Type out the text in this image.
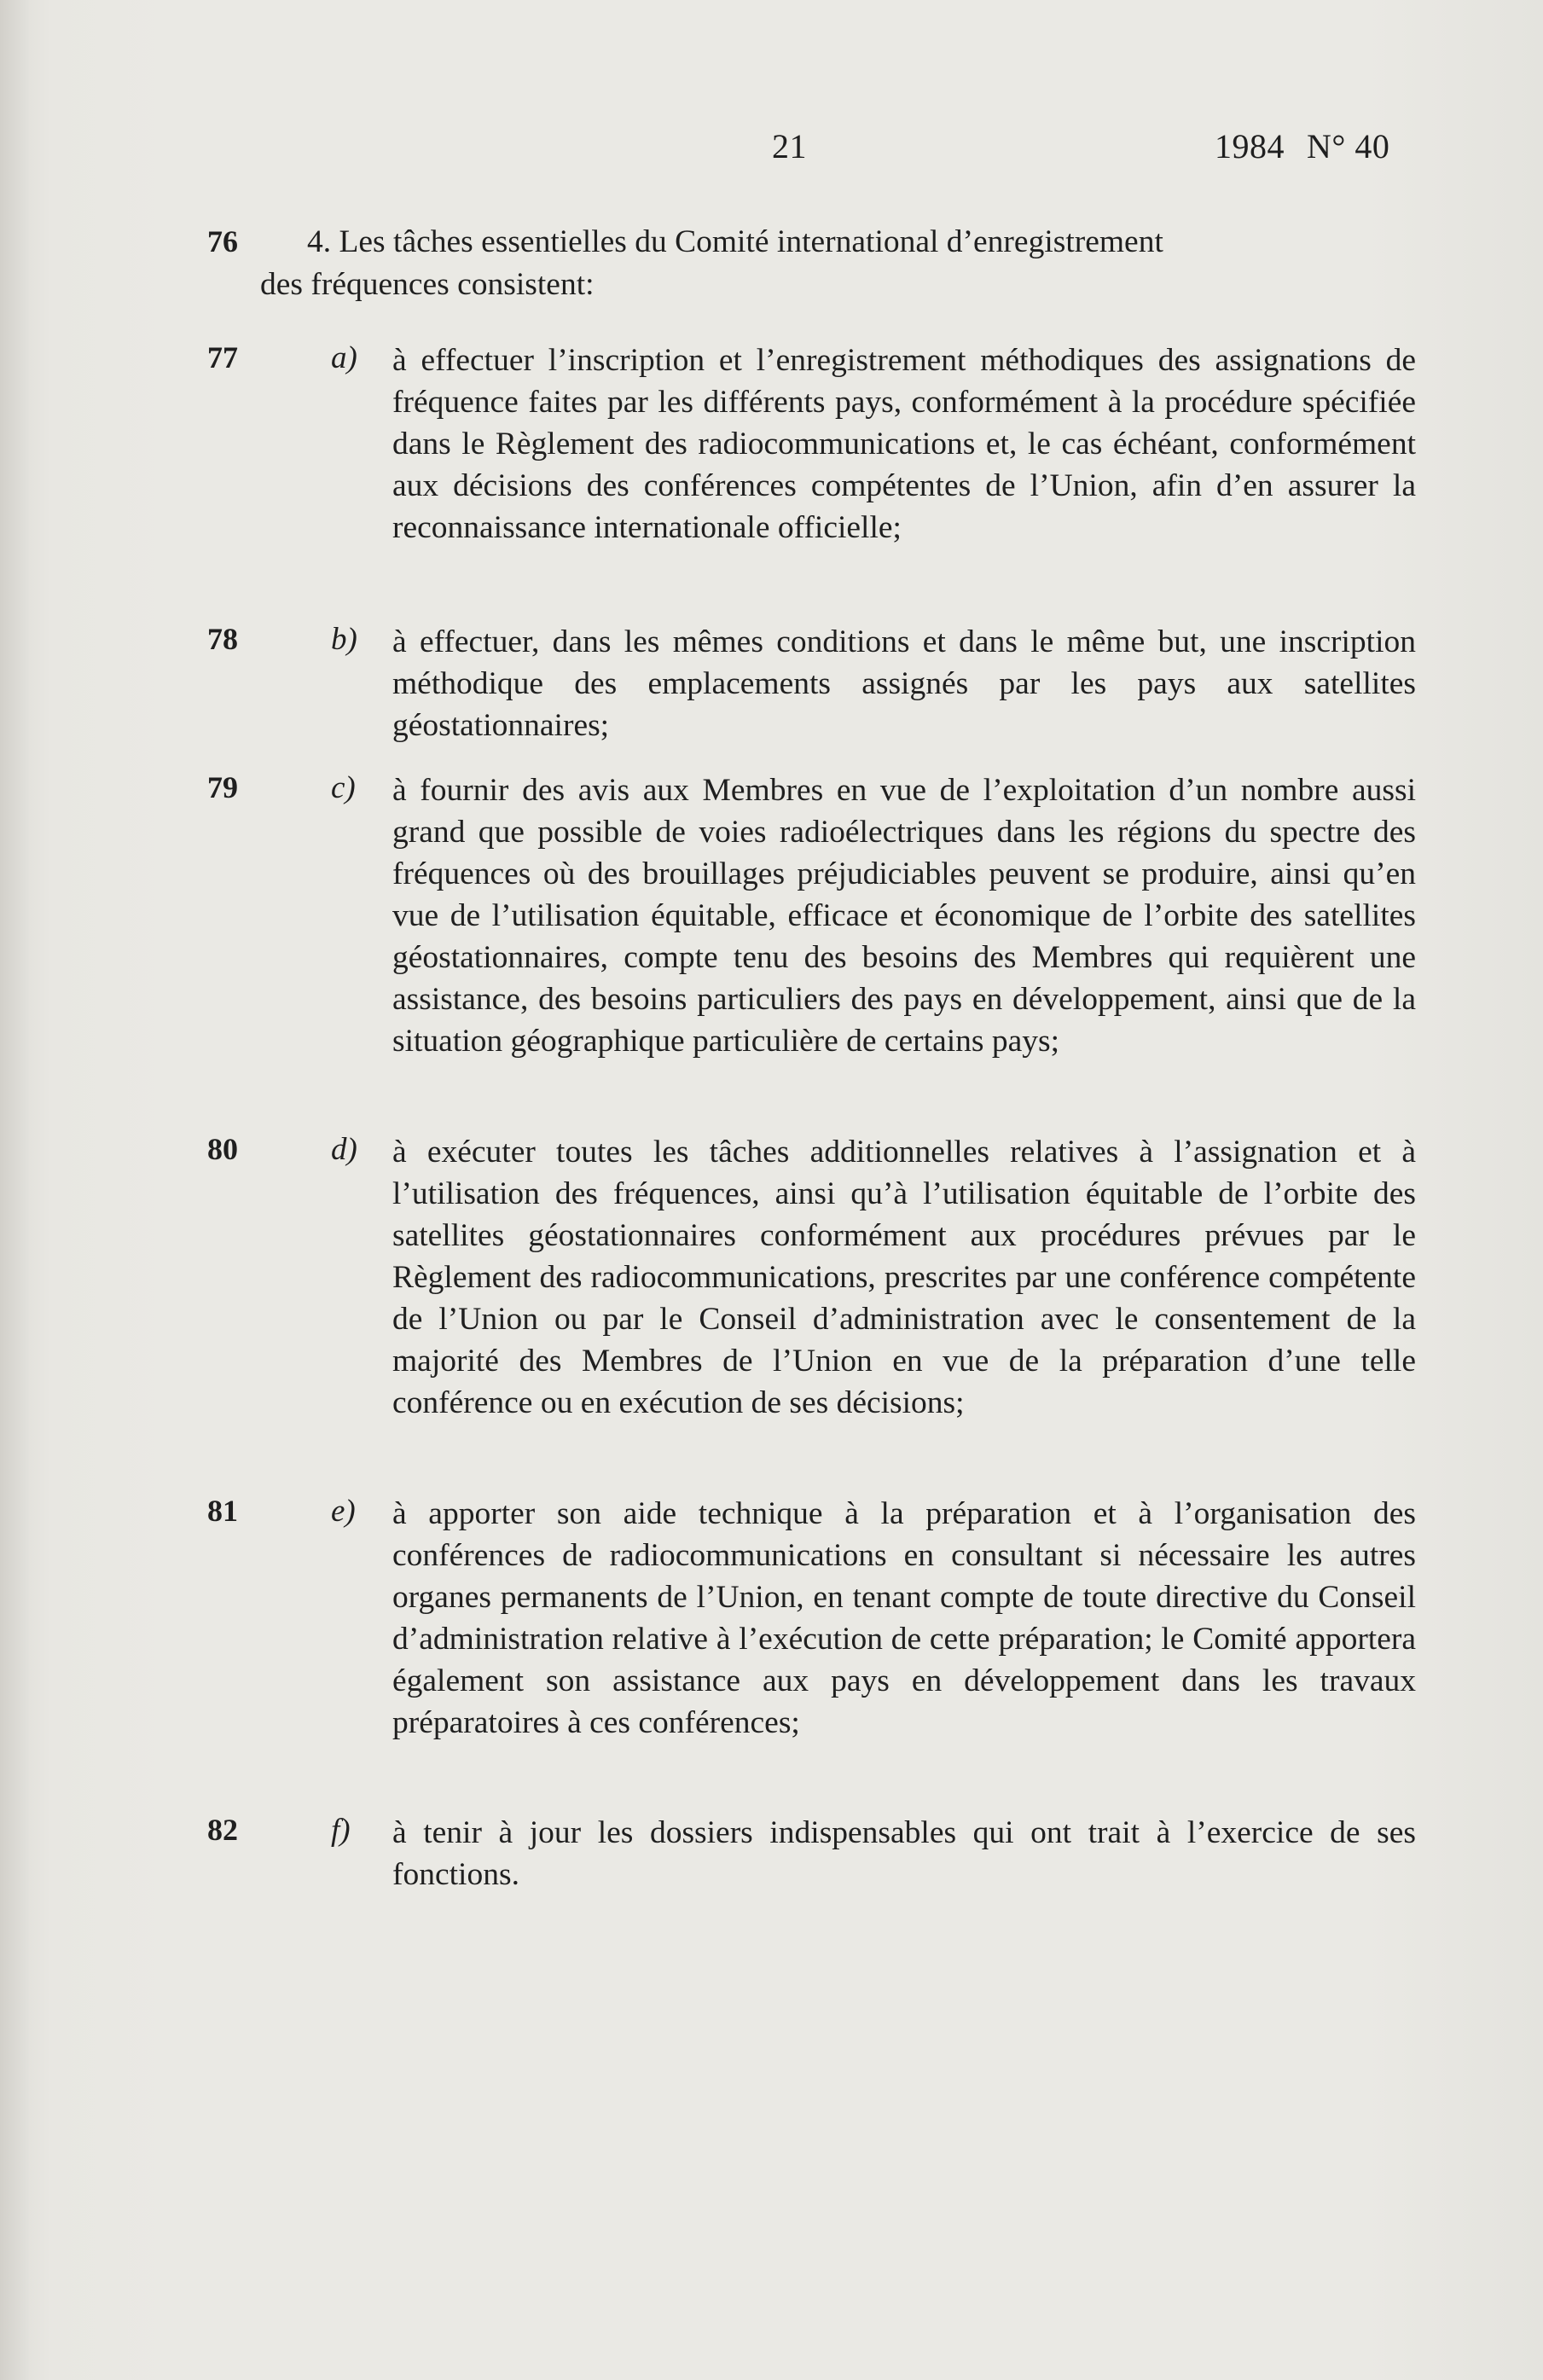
21	1984 N° 40
76 4. Les tâches essentielles du Comité international d’enregistrement
des fréquences consistent:
77	a) à effectuer l’inscription et l’enregistrement méthodiques des assignations de fréquence faites par les différents pays, conformément à la procédure spécifiée dans le Règlement des radiocommunications et, le cas échéant, conformément aux décisions des conférences compétentes de l’Union, afin d’en assurer la reconnaissance internationale officielle;
78	b) à effectuer, dans les mêmes conditions et dans le même but, une inscription méthodique des emplacements assignés par les pays aux satellites géostationnaires;
79	c) à fournir des avis aux Membres en vue de l’exploitation d’un nombre aussi grand que possible de voies radioélectriques dans les régions du spectre des fréquences où des brouillages préjudiciables peuvent se produire, ainsi qu’en vue de l’utilisation équitable, efficace et économique de l’orbite des satellites géostationnaires, compte tenu des besoins des Membres qui requièrent une assistance, des besoins particuliers des pays en développement, ainsi que de la situation géographique particulière de certains pays;
80	d) à exécuter toutes les tâches additionnelles relatives à l’assignation et à l’utilisation des fréquences, ainsi qu’à l’utilisation équitable de l’orbite des satellites géostationnaires conformément aux procédures prévues par le Règlement des radiocommunications, prescrites par une conférence compétente de l’Union ou par le Conseil d’administration avec le consentement de la majorité des Membres de l’Union en vue de la préparation d’une telle conférence ou en exécution de ses décisions;
81	e) à apporter son aide technique à la préparation et à l’organisation des conférences de radiocommunications en consultant si nécessaire les autres organes permanents de l’Union, en tenant compte de toute directive du Conseil d’administration relative à l’exécution de cette préparation; le Comité apportera également son assistance aux pays en développement dans les travaux préparatoires à ces conférences;
82	f) à tenir à jour les dossiers indispensables qui ont trait à l’exercice de ses fonctions.
